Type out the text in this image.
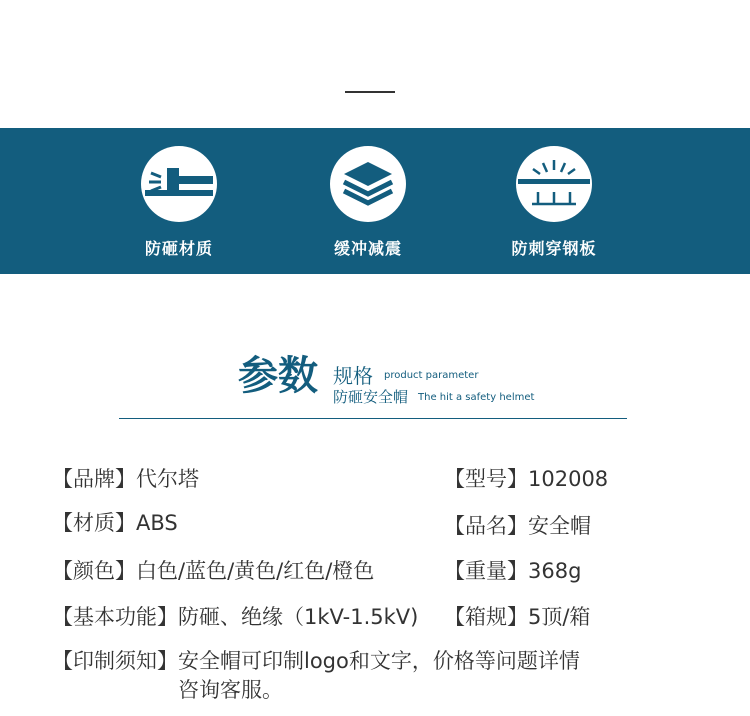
防砸材质	缓冲减震	防刺穿钢板
参数 规格 product parameter
防砸安全帽 The hit a safety helmet
【品牌】代尔塔	【型号】102008
【材质】ABS	【品名】安全帽
【颜色】白色/蓝色/黄色/红色/橙色	【重量】368g
【基本功能】防砸、绝缘（1kV-1.5kV) 【箱规】5顶/箱
【印制须知】安全帽可印制logo和文字，价格等问题详情咨询客服。
